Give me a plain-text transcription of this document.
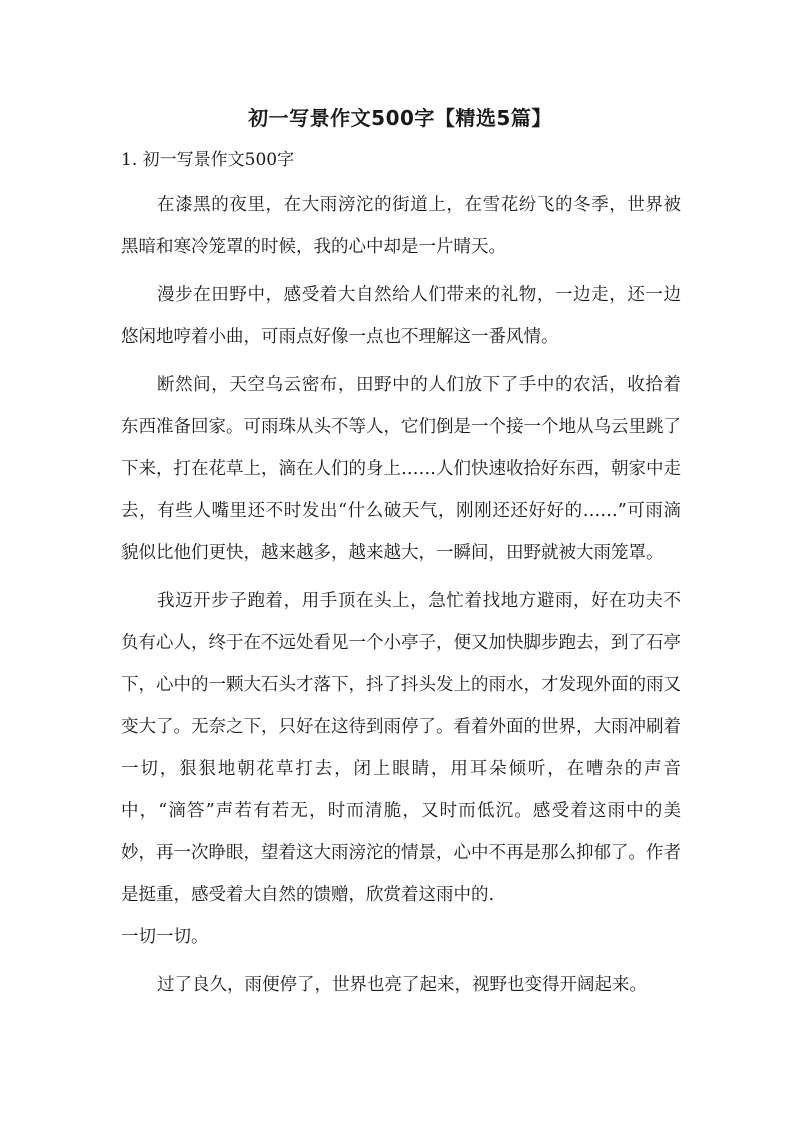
初一写景作文500字【精选5篇】
1. 初一写景作文500字

在漆黑的夜里，在大雨滂沱的街道上，在雪花纷飞的冬季，世界被黑暗和寒冷笼罩的时候，我的心中却是一片晴天。

漫步在田野中，感受着大自然给人们带来的礼物，一边走，还一边悠闲地哼着小曲，可雨点好像一点也不理解这一番风情。

断然间，天空乌云密布，田野中的人们放下了手中的农活，收拾着东西准备回家。可雨珠从头不等人，它们倒是一个接一个地从乌云里跳了下来，打在花草上，滴在人们的身上……人们快速收拾好东西，朝家中走去，有些人嘴里还不时发出“什么破天气，刚刚还还好好的……”可雨滴貌似比他们更快，越来越多，越来越大，一瞬间，田野就被大雨笼罩。

我迈开步子跑着，用手顶在头上，急忙着找地方避雨，好在功夫不负有心人，终于在不远处看见一个小亭子，便又加快脚步跑去，到了石亭下，心中的一颗大石头才落下，抖了抖头发上的雨水，才发现外面的雨又变大了。无奈之下，只好在这待到雨停了。看着外面的世界，大雨冲刷着一切，狠狠地朝花草打去，闭上眼睛，用耳朵倾听，在嘈杂的声音中，“滴答”声若有若无，时而清脆，又时而低沉。感受着这雨中的美妙，再一次睁眼，望着这大雨滂沱的情景，心中不再是那么抑郁了。作者是挺重，感受着大自然的馈赠，欣赏着这雨中的.

一切一切。

过了良久，雨便停了，世界也亮了起来，视野也变得开阔起来。
